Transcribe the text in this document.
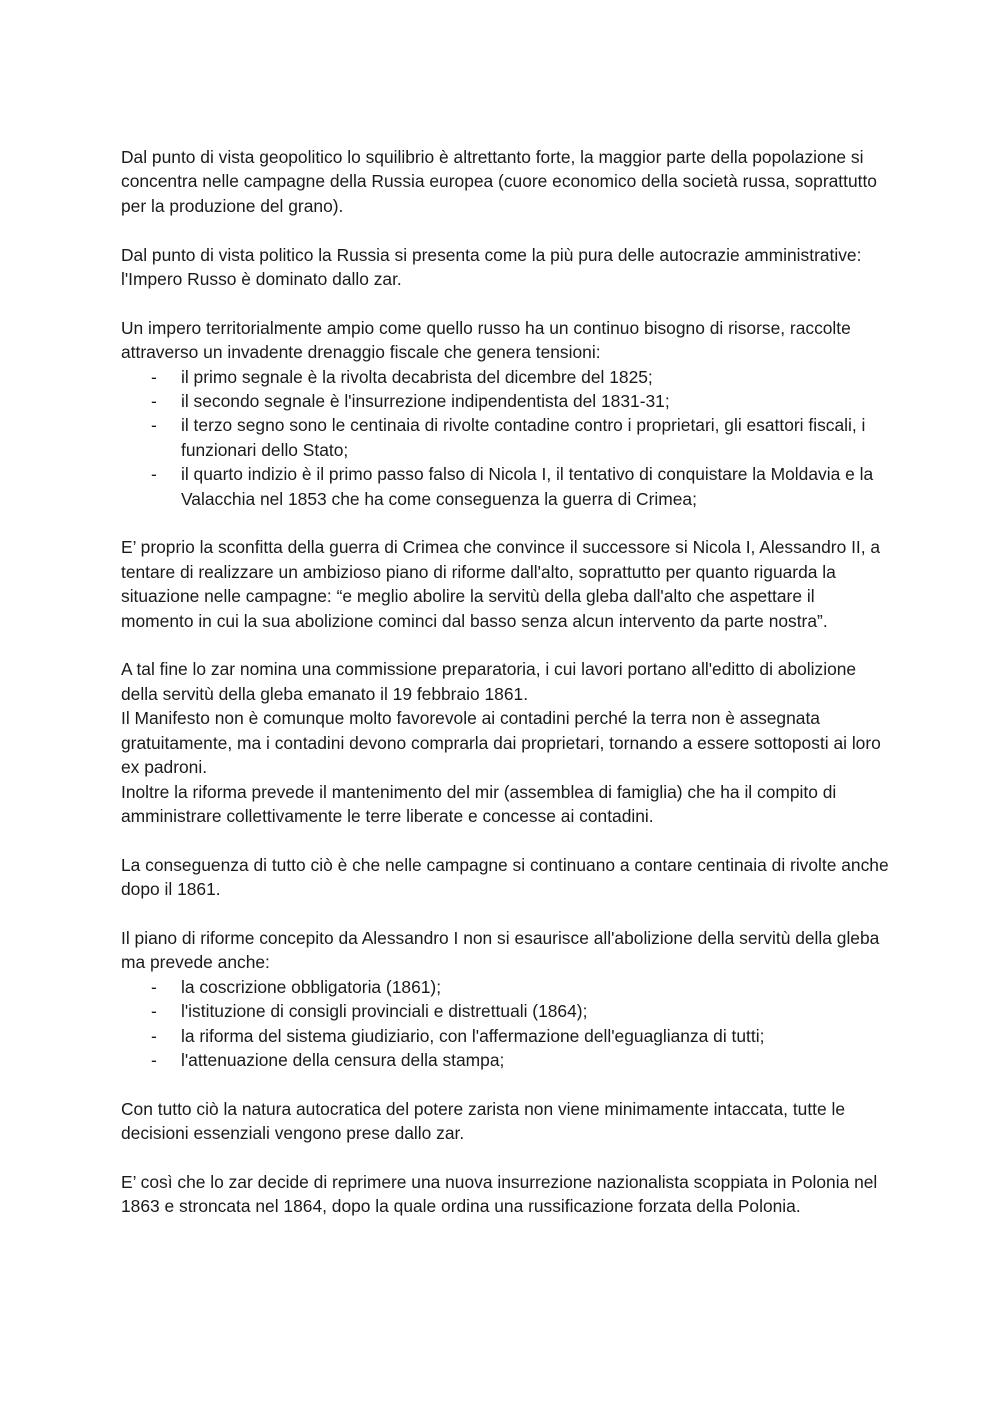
Dal punto di vista geopolitico lo squilibrio è altrettanto forte, la maggior parte della popolazione si concentra nelle campagne della Russia europea (cuore economico della società russa, soprattutto per la produzione del grano).

Dal punto di vista politico la Russia si presenta come la più pura delle autocrazie amministrative: l'Impero Russo è dominato dallo zar.

Un impero territorialmente ampio come quello russo ha un continuo bisogno di risorse, raccolte attraverso un invadente drenaggio fiscale che genera tensioni:

- il primo segnale è la rivolta decabrista del dicembre del 1825;
- il secondo segnale è l'insurrezione indipendentista del 1831-31;
- il terzo segno sono le centinaia di rivolte contadine contro i proprietari, gli esattori fiscali, i funzionari dello Stato;
- il quarto indizio è il primo passo falso di Nicola I, il tentativo di conquistare la Moldavia e la Valacchia nel 1853 che ha come conseguenza la guerra di Crimea;

E’ proprio la sconfitta della guerra di Crimea che convince il successore si Nicola I, Alessandro II, a tentare di realizzare un ambizioso piano di riforme dall'alto, soprattutto per quanto riguarda la situazione nelle campagne: “e meglio abolire la servitù della gleba dall'alto che aspettare il momento in cui la sua abolizione cominci dal basso senza alcun intervento da parte nostra”.

A tal fine lo zar nomina una commissione preparatoria, i cui lavori portano all'editto di abolizione della servitù della gleba emanato il 19 febbraio 1861.

Il Manifesto non è comunque molto favorevole ai contadini perché la terra non è assegnata gratuitamente, ma i contadini devono comprarla dai proprietari, tornando a essere sottoposti ai loro ex padroni.

Inoltre la riforma prevede il mantenimento del mir (assemblea di famiglia) che ha il compito di amministrare collettivamente le terre liberate e concesse ai contadini.

La conseguenza di tutto ciò è che nelle campagne si continuano a contare centinaia di rivolte anche dopo il 1861.

Il piano di riforme concepito da Alessandro I non si esaurisce all'abolizione della servitù della gleba ma prevede anche:

- la coscrizione obbligatoria (1861);
- l'istituzione di consigli provinciali e distrettuali (1864);
- la riforma del sistema giudiziario, con l'affermazione dell'eguaglianza di tutti;
- l'attenuazione della censura della stampa;

Con tutto ciò la natura autocratica del potere zarista non viene minimamente intaccata, tutte le decisioni essenziali vengono prese dallo zar.

E’ così che lo zar decide di reprimere una nuova insurrezione nazionalista scoppiata in Polonia nel 1863 e stroncata nel 1864, dopo la quale ordina una russificazione forzata della Polonia.
